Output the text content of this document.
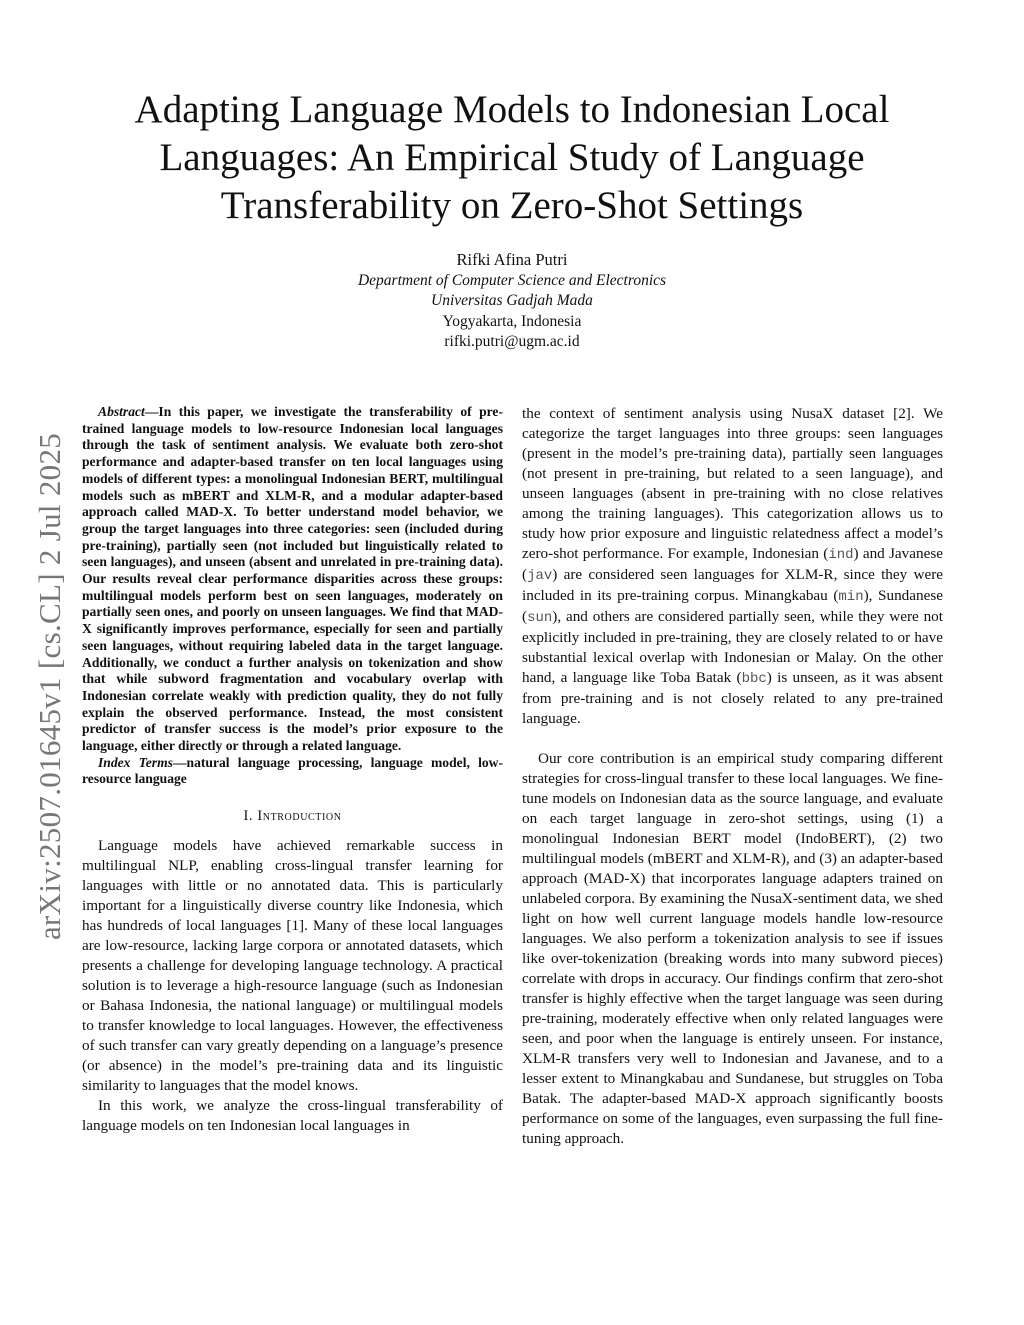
Adapting Language Models to Indonesian Local
Languages: An Empirical Study of Language
Transferability on Zero-Shot Settings
Rifki Afina Putri
Department of Computer Science and Electronics
Universitas Gadjah Mada
Yogyakarta, Indonesia
rifki.putri@ugm.ac.id
arXiv:2507.01645v1 [cs.CL] 2 Jul 2025

Abstract—In this paper, we investigate the transferability of pre-trained language models to low-resource Indonesian local languages through the task of sentiment analysis. We evaluate both zero-shot performance and adapter-based transfer on ten local languages using models of different types: a monolingual Indonesian BERT, multilingual models such as mBERT and XLM-R, and a modular adapter-based approach called MAD-X. To better understand model behavior, we group the target languages into three categories: seen (included during pre-training), partially seen (not included but linguistically related to seen languages), and unseen (absent and unrelated in pre-training data). Our results reveal clear performance disparities across these groups: multilingual models perform best on seen languages, moderately on partially seen ones, and poorly on unseen languages. We find that MAD-X significantly improves performance, especially for seen and partially seen languages, without requiring labeled data in the target language. Additionally, we conduct a further analysis on tokenization and show that while subword fragmentation and vocabulary overlap with Indonesian correlate weakly with prediction quality, they do not fully explain the observed performance. Instead, the most consistent predictor of transfer success is the model’s prior exposure to the language, either directly or through a related language.

Index Terms—natural language processing, language model, low-resource language

I. Introduction

Language models have achieved remarkable success in multilingual NLP, enabling cross-lingual transfer learning for languages with little or no annotated data. This is particularly important for a linguistically diverse country like Indonesia, which has hundreds of local languages [1]. Many of these local languages are low-resource, lacking large corpora or annotated datasets, which presents a challenge for developing language technology. A practical solution is to leverage a high-resource language (such as Indonesian or Bahasa Indonesia, the national language) or multilingual models to transfer knowledge to local languages. However, the effectiveness of such transfer can vary greatly depending on a language’s presence (or absence) in the model’s pre-training data and its linguistic similarity to languages that the model knows.

In this work, we analyze the cross-lingual transferability of language models on ten Indonesian local languages in

the context of sentiment analysis using NusaX dataset [2]. We categorize the target languages into three groups: seen languages (present in the model’s pre-training data), partially seen languages (not present in pre-training, but related to a seen language), and unseen languages (absent in pre-training with no close relatives among the training languages). This categorization allows us to study how prior exposure and linguistic relatedness affect a model’s zero-shot performance. For example, Indonesian (ind) and Javanese (jav) are considered seen languages for XLM-R, since they were included in its pre-training corpus. Minangkabau (min), Sundanese (sun), and others are considered partially seen, while they were not explicitly included in pre-training, they are closely related to or have substantial lexical overlap with Indonesian or Malay. On the other hand, a language like Toba Batak (bbc) is unseen, as it was absent from pre-training and is not closely related to any pre-trained language.

Our core contribution is an empirical study comparing different strategies for cross-lingual transfer to these local languages. We fine-tune models on Indonesian data as the source language, and evaluate on each target language in zero-shot settings, using (1) a monolingual Indonesian BERT model (IndoBERT), (2) two multilingual models (mBERT and XLM-R), and (3) an adapter-based approach (MAD-X) that incorporates language adapters trained on unlabeled corpora. By examining the NusaX-sentiment data, we shed light on how well current language models handle low-resource languages. We also perform a tokenization analysis to see if issues like over-tokenization (breaking words into many subword pieces) correlate with drops in accuracy. Our findings confirm that zero-shot transfer is highly effective when the target language was seen during pre-training, moderately effective when only related languages were seen, and poor when the language is entirely unseen. For instance, XLM-R transfers very well to Indonesian and Javanese, and to a lesser extent to Minangkabau and Sundanese, but struggles on Toba Batak. The adapter-based MAD-X approach significantly boosts performance on some of the languages, even surpassing the full fine-tuning approach.
